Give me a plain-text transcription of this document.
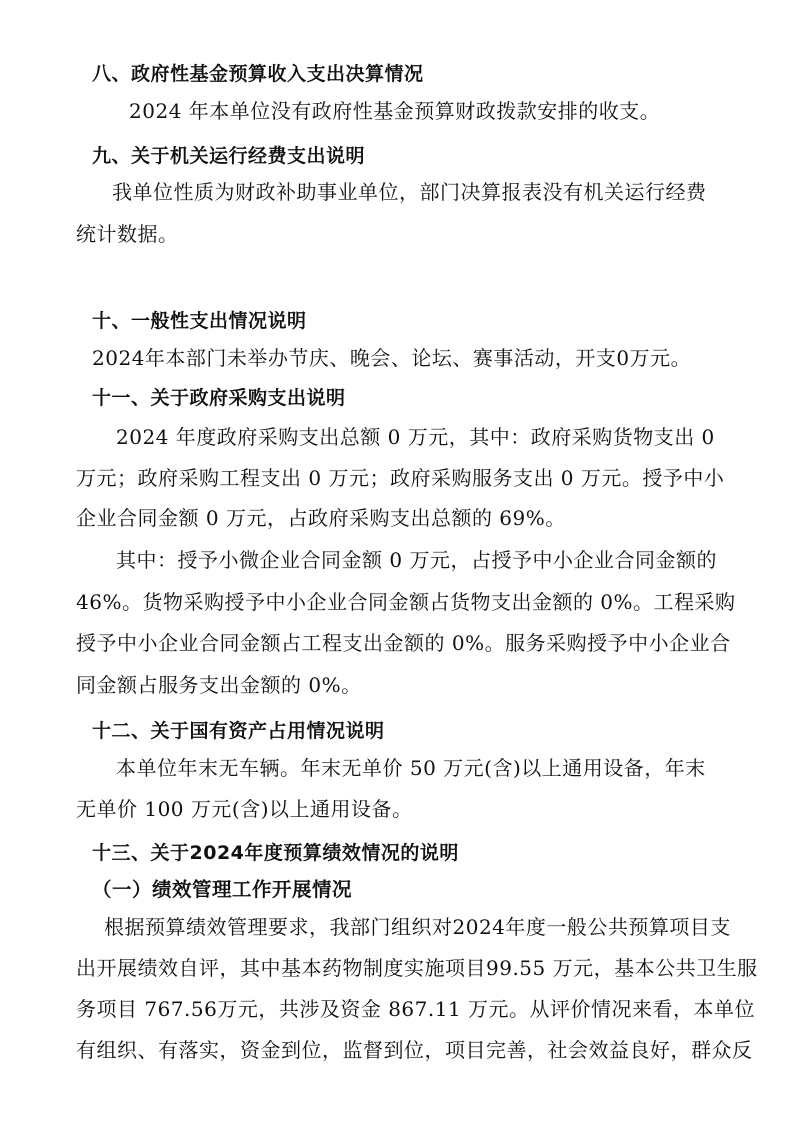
八、政府性基金预算收入支出决算情况
2024 年本单位没有政府性基金预算财政拨款安排的收支。
九、关于机关运行经费支出说明
我单位性质为财政补助事业单位，部门决算报表没有机关运行经费
统计数据。
十、一般性支出情况说明
2024年本部门未举办节庆、晚会、论坛、赛事活动，开支0万元。
十一、关于政府采购支出说明
2024 年度政府采购支出总额 0 万元，其中：政府采购货物支出 0
万元；政府采购工程支出 0 万元；政府采购服务支出 0 万元。授予中小
企业合同金额 0 万元，占政府采购支出总额的 69%。
其中：授予小微企业合同金额 0 万元，占授予中小企业合同金额的
46%。货物采购授予中小企业合同金额占货物支出金额的 0%。工程采购
授予中小企业合同金额占工程支出金额的 0%。服务采购授予中小企业合
同金额占服务支出金额的 0%。
十二、关于国有资产占用情况说明
本单位年末无车辆。年末无单价 50 万元(含)以上通用设备，年末
无单价 100 万元(含)以上通用设备。
十三、关于2024年度预算绩效情况的说明
（一）绩效管理工作开展情况
根据预算绩效管理要求，我部门组织对2024年度一般公共预算项目支
出开展绩效自评，其中基本药物制度实施项目99.55 万元，基本公共卫生服
务项目 767.56万元，共涉及资金 867.11 万元。从评价情况来看，本单位
有组织、有落实，资金到位，监督到位，项目完善，社会效益良好，群众反
